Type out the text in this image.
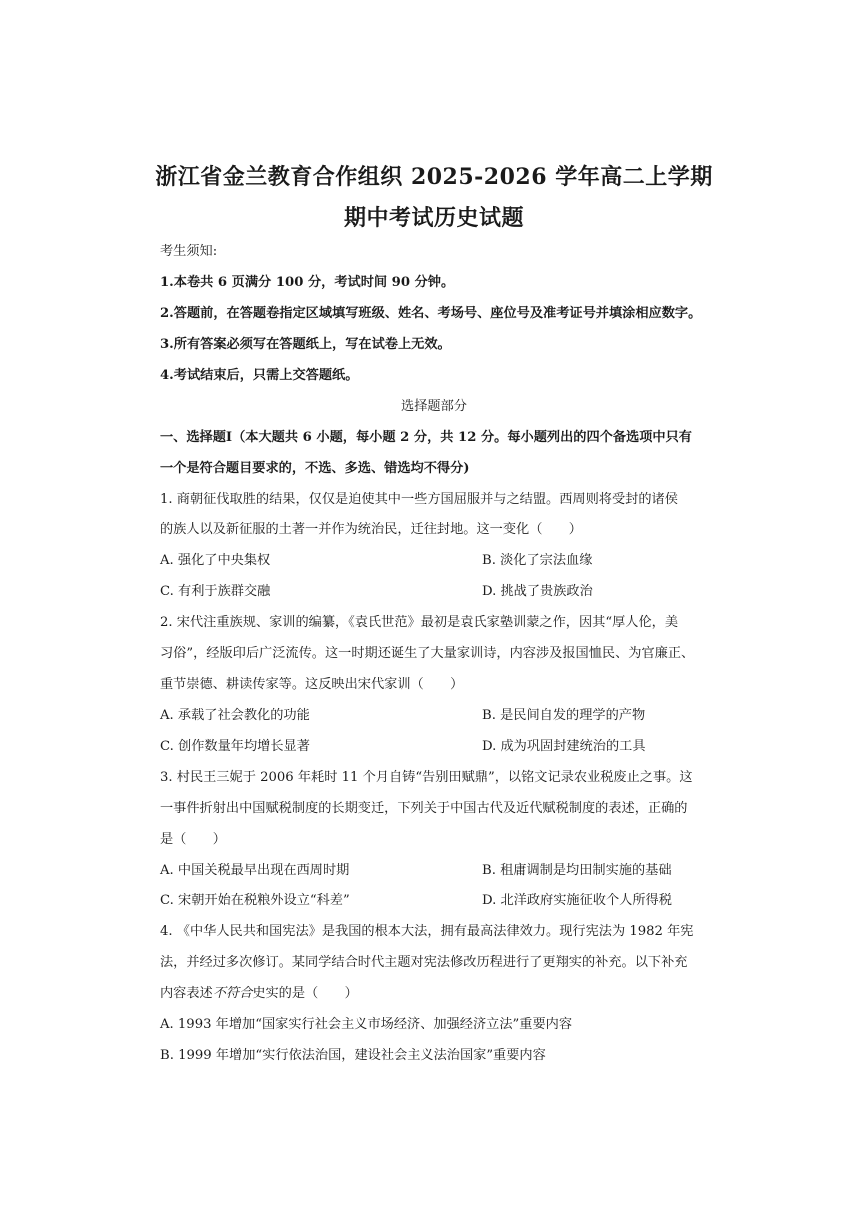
浙江省金兰教育合作组织 2025-2026 学年高二上学期
期中考试历史试题
考生须知:
1.本卷共 6 页满分 100 分，考试时间 90 分钟。
2.答题前，在答题卷指定区域填写班级、姓名、考场号、座位号及准考证号并填涂相应数字。
3.所有答案必须写在答题纸上，写在试卷上无效。
4.考试结束后，只需上交答题纸。
选择题部分
一、选择题Ⅰ（本大题共 6 小题，每小题 2 分，共 12 分。每小题列出的四个备选项中只有
一个是符合题目要求的，不选、多选、错选均不得分)
1. 商朝征伐取胜的结果，仅仅是迫使其中一些方国屈服并与之结盟。西周则将受封的诸侯
的族人以及新征服的土著一并作为统治民，迁往封地。这一变化（　　）
A. 强化了中央集权	B. 淡化了宗法血缘
C. 有利于族群交融	D. 挑战了贵族政治
2. 宋代注重族规、家训的编纂，《袁氏世范》最初是袁氏家塾训蒙之作，因其“厚人伦，美
习俗”，经版印后广泛流传。这一时期还诞生了大量家训诗，内容涉及报国恤民、为官廉正、
重节崇德、耕读传家等。这反映出宋代家训（　　）
A. 承载了社会教化的功能	B. 是民间自发的理学的产物
C. 创作数量年均增长显著	D. 成为巩固封建统治的工具
3. 村民王三妮于 2006 年耗时 11 个月自铸“告别田赋鼎”，以铭文记录农业税废止之事。这
一事件折射出中国赋税制度的长期变迁，下列关于中国古代及近代赋税制度的表述，正确的
是（　　）
A. 中国关税最早出现在西周时期	B. 租庸调制是均田制实施的基础
C. 宋朝开始在税粮外设立“科差”	D. 北洋政府实施征收个人所得税
4. 《中华人民共和国宪法》是我国的根本大法，拥有最高法律效力。现行宪法为 1982 年宪
法，并经过多次修订。某同学结合时代主题对宪法修改历程进行了更翔实的补充。以下补充
内容表述不符合史实的是（　　）
A. 1993 年增加“国家实行社会主义市场经济、加强经济立法”重要内容
B. 1999 年增加“实行依法治国，建设社会主义法治国家”重要内容
